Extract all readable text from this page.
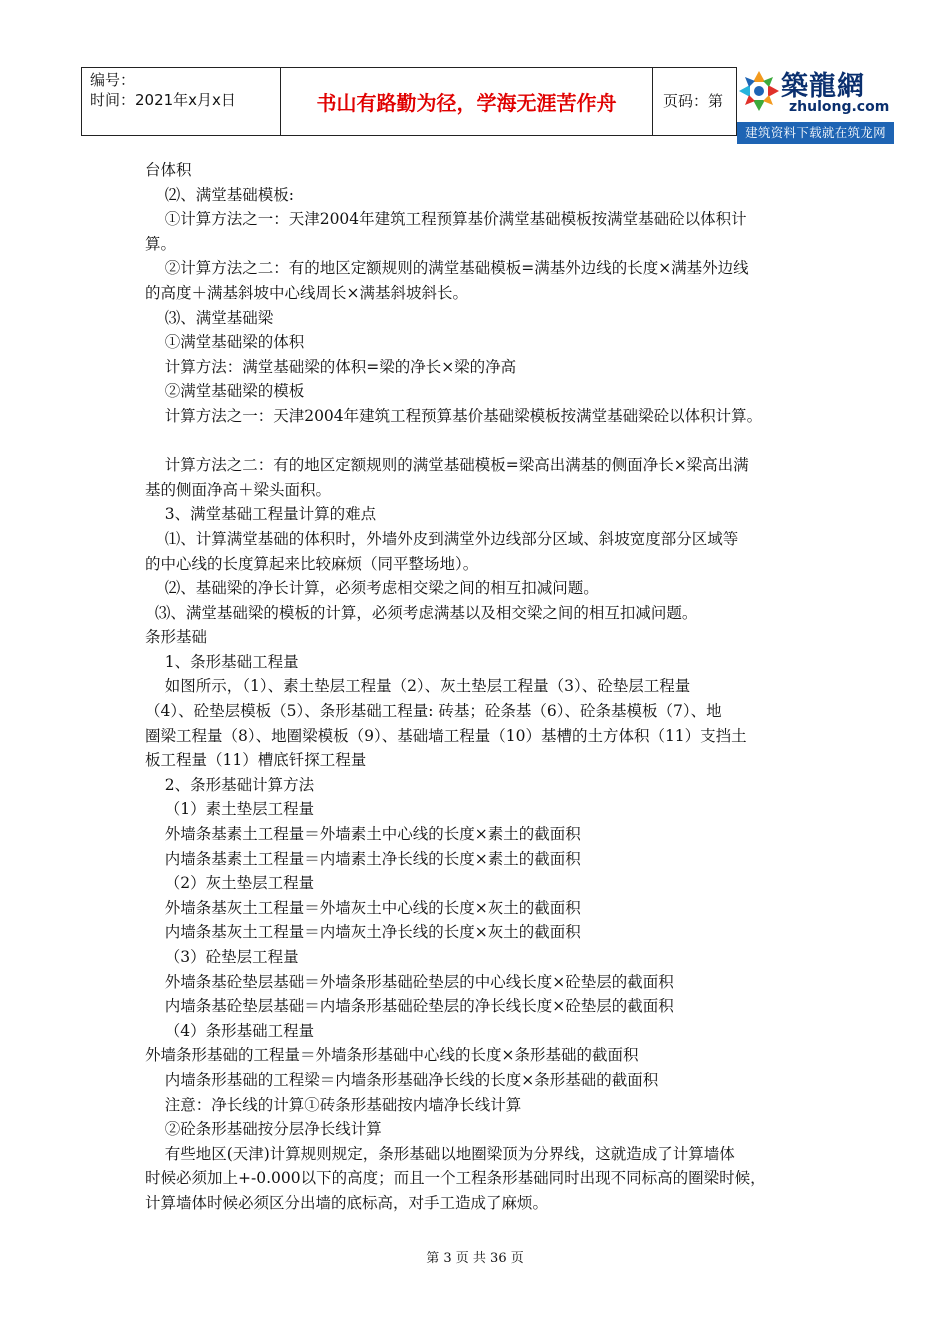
编号：
时间：2021年x月x日	书山有路勤为径，学海无涯苦作舟	页码：第	築龍網
zhulong.com
建筑资料下载就在筑龙网

台体积

⑵、满堂基础模板:

①计算方法之一：天津2004年建筑工程预算基价满堂基础模板按满堂基础砼以体积计

算。

②计算方法之二：有的地区定额规则的满堂基础模板=满基外边线的长度×满基外边线

的高度＋满基斜坡中心线周长×满基斜坡斜长。

⑶、满堂基础梁

①满堂基础梁的体积

计算方法：满堂基础梁的体积=梁的净长×梁的净高

②满堂基础梁的模板

计算方法之一：天津2004年建筑工程预算基价基础梁模板按满堂基础梁砼以体积计算。

计算方法之二：有的地区定额规则的满堂基础模板=梁高出满基的侧面净长×梁高出满

基的侧面净高＋梁头面积。

3、满堂基础工程量计算的难点

⑴、计算满堂基础的体积时，外墙外皮到满堂外边线部分区域、斜坡宽度部分区域等

的中心线的长度算起来比较麻烦（同平整场地）。

⑵、基础梁的净长计算，必须考虑相交梁之间的相互扣减问题。

⑶、满堂基础梁的模板的计算，必须考虑满基以及相交梁之间的相互扣减问题。

条形基础

1、条形基础工程量

如图所示，（1）、素土垫层工程量（2）、灰土垫层工程量（3）、砼垫层工程量

（4）、砼垫层模板（5）、条形基础工程量: 砖基；砼条基（6）、砼条基模板（7）、地

圈梁工程量（8）、地圈梁模板（9）、基础墙工程量（10）基槽的土方体积（11）支挡土

板工程量（11）槽底钎探工程量

2、条形基础计算方法

（1）素土垫层工程量

外墙条基素土工程量＝外墙素土中心线的长度×素土的截面积

内墙条基素土工程量＝内墙素土净长线的长度×素土的截面积

（2）灰土垫层工程量

外墙条基灰土工程量＝外墙灰土中心线的长度×灰土的截面积

内墙条基灰土工程量＝内墙灰土净长线的长度×灰土的截面积

（3）砼垫层工程量

外墙条基砼垫层基础＝外墙条形基础砼垫层的中心线长度×砼垫层的截面积

内墙条基砼垫层基础＝内墙条形基础砼垫层的净长线长度×砼垫层的截面积

（4）条形基础工程量

外墙条形基础的工程量＝外墙条形基础中心线的长度×条形基础的截面积

内墙条形基础的工程梁＝内墙条形基础净长线的长度×条形基础的截面积

注意：净长线的计算①砖条形基础按内墙净长线计算

②砼条形基础按分层净长线计算

有些地区(天津)计算规则规定，条形基础以地圈梁顶为分界线，这就造成了计算墙体

时候必须加上+-0.000以下的高度；而且一个工程条形基础同时出现不同标高的圈梁时候，

计算墙体时候必须区分出墙的底标高，对手工造成了麻烦。

第 3 页 共 36 页
